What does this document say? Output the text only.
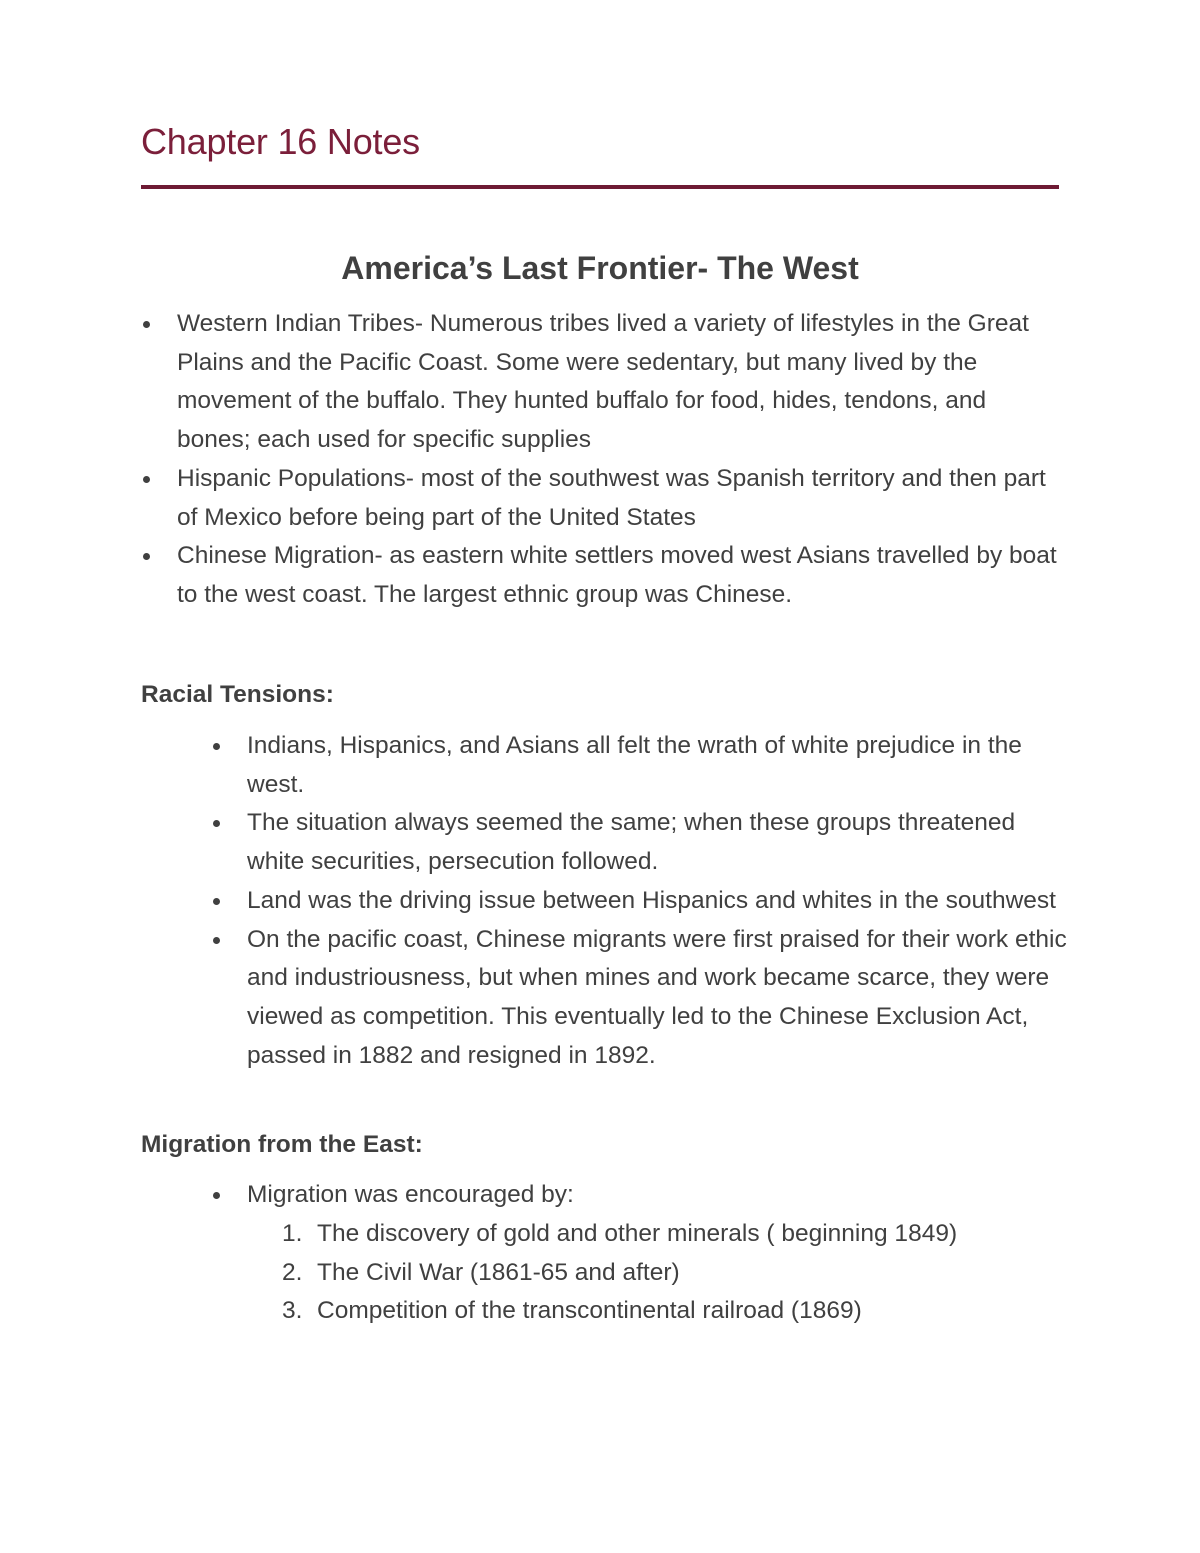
Chapter 16 Notes
America’s Last Frontier- The West
Western Indian Tribes- Numerous tribes lived a variety of lifestyles in the Great Plains and the Pacific Coast. Some were sedentary, but many lived by the movement of the buffalo. They hunted buffalo for food, hides, tendons, and bones; each used for specific supplies
Hispanic Populations- most of the southwest was Spanish territory and then part of Mexico before being part of the United States
Chinese Migration- as eastern white settlers moved west Asians travelled by boat to the west coast. The largest ethnic group was Chinese.
Racial Tensions:
Indians, Hispanics, and Asians all felt the wrath of white prejudice in the west.
The situation always seemed the same; when these groups threatened white securities, persecution followed.
Land was the driving issue between Hispanics and whites in the southwest
On the pacific coast, Chinese migrants were first praised for their work ethic and industriousness, but when mines and work became scarce, they were viewed as competition. This eventually led to the Chinese Exclusion Act, passed in 1882 and resigned in 1892.
Migration from the East:
Migration was encouraged by:
1. The discovery of gold and other minerals ( beginning 1849)
2. The Civil War (1861-65 and after)
3. Competition of the transcontinental railroad (1869)
